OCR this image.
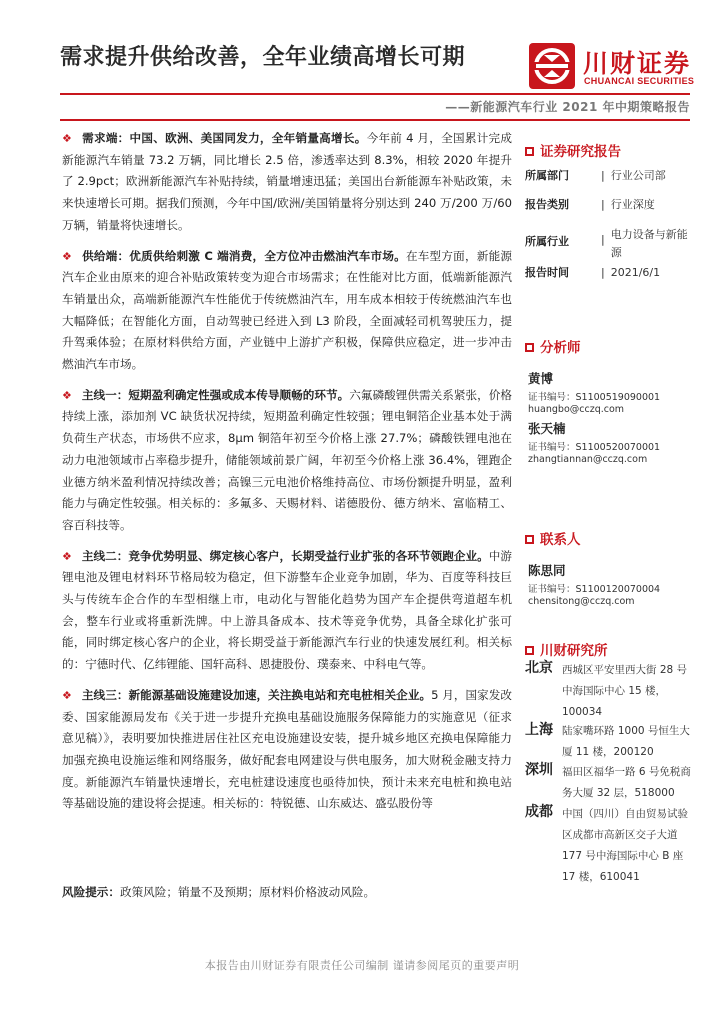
需求提升供给改善，全年业绩高增长可期	川财证券
CHUANCAI SECURITIES
——新能源汽车行业 2021 年中期策略报告

❖ 需求端：中国、欧洲、美国同发力，全年销量高增长。今年前 4 月，全国累计完成新能源汽车销量 73.2 万辆，同比增长 2.5 倍，渗透率达到 8.3%，相较 2020 年提升了 2.9pct；欧洲新能源汽车补贴持续，销量增速迅猛；美国出台新能源车补贴政策，未来快速增长可期。据我们预测，今年中国/欧洲/美国销量将分别达到 240 万/200 万/60 万辆，销量将快速增长。

❖ 供给端：优质供给刺激 C 端消费，全方位冲击燃油汽车市场。在车型方面，新能源汽车企业由原来的迎合补贴政策转变为迎合市场需求；在性能对比方面，低端新能源汽车销量出众，高端新能源汽车性能优于传统燃油汽车，用车成本相较于传统燃油汽车也大幅降低；在智能化方面，自动驾驶已经进入到 L3 阶段，全面减轻司机驾驶压力，提升驾乘体验；在原材料供给方面，产业链中上游扩产积极，保障供应稳定，进一步冲击燃油汽车市场。

❖ 主线一：短期盈利确定性强或成本传导顺畅的环节。六氟磷酸锂供需关系紧张，价格持续上涨，添加剂 VC 缺货状况持续，短期盈利确定性较强；锂电铜箔企业基本处于满负荷生产状态，市场供不应求，8μm 铜箔年初至今价格上涨 27.7%；磷酸铁锂电池在动力电池领域市占率稳步提升，储能领域前景广阔，年初至今价格上涨 36.4%，锂跑企业德方纳米盈利情况持续改善；高镍三元电池价格维持高位、市场份额提升明显，盈利能力与确定性较强。相关标的：多氟多、天赐材料、诺德股份、德方纳米、富临精工、容百科技等。

❖ 主线二：竞争优势明显、绑定核心客户，长期受益行业扩张的各环节领跑企业。中游锂电池及锂电材料环节格局较为稳定，但下游整车企业竞争加剧，华为、百度等科技巨头与传统车企合作的车型相继上市，电动化与智能化趋势为国产车企提供弯道超车机会，整车行业或将重新洗牌。中上游具备成本、技术等竞争优势，具备全球化扩张可能，同时绑定核心客户的企业，将长期受益于新能源汽车行业的快速发展红利。相关标的：宁德时代、亿纬锂能、国轩高科、恩捷股份、璞泰来、中科电气等。

❖ 主线三：新能源基础设施建设加速，关注换电站和充电桩相关企业。5 月，国家发改委、国家能源局发布《关于进一步提升充换电基础设施服务保障能力的实施意见（征求意见稿）》，表明要加快推进居住社区充电设施建设安装，提升城乡地区充换电保障能力加强充换电设施运维和网络服务，做好配套电网建设与供电服务，加大财税金融支持力度。新能源汽车销量快速增长，充电桩建设速度也亟待加快，预计未来充电桩和换电站等基础设施的建设将会提速。相关标的：特锐德、山东威达、盛弘股份等

风险提示：政策风险；销量不及预期；原材料价格波动风险。
证券研究报告
所属部门	| 行业公司部
报告类别	| 行业深度
所属行业	| 电力设备与新能源
报告时间	| 2021/6/1
分析师
黄博
证书编号：S1100519090001
huangbo@cczq.com
张天楠
证书编号：S1100520070001
zhangtiannan@cczq.com
联系人
陈思同
证书编号：S1100120070004
chensitong@cczq.com
川财研究所
北京 西城区平安里西大街 28 号中海国际中心 15 楼，100034
上海 陆家嘴环路 1000 号恒生大厦 11 楼，200120
深圳 福田区福华一路 6 号免税商务大厦 32 层，518000
成都 中国（四川）自由贸易试验区成都市高新区交子大道 177 号中海国际中心 B 座 17 楼，610041
本报告由川财证券有限责任公司编制 谨请参阅尾页的重要声明
